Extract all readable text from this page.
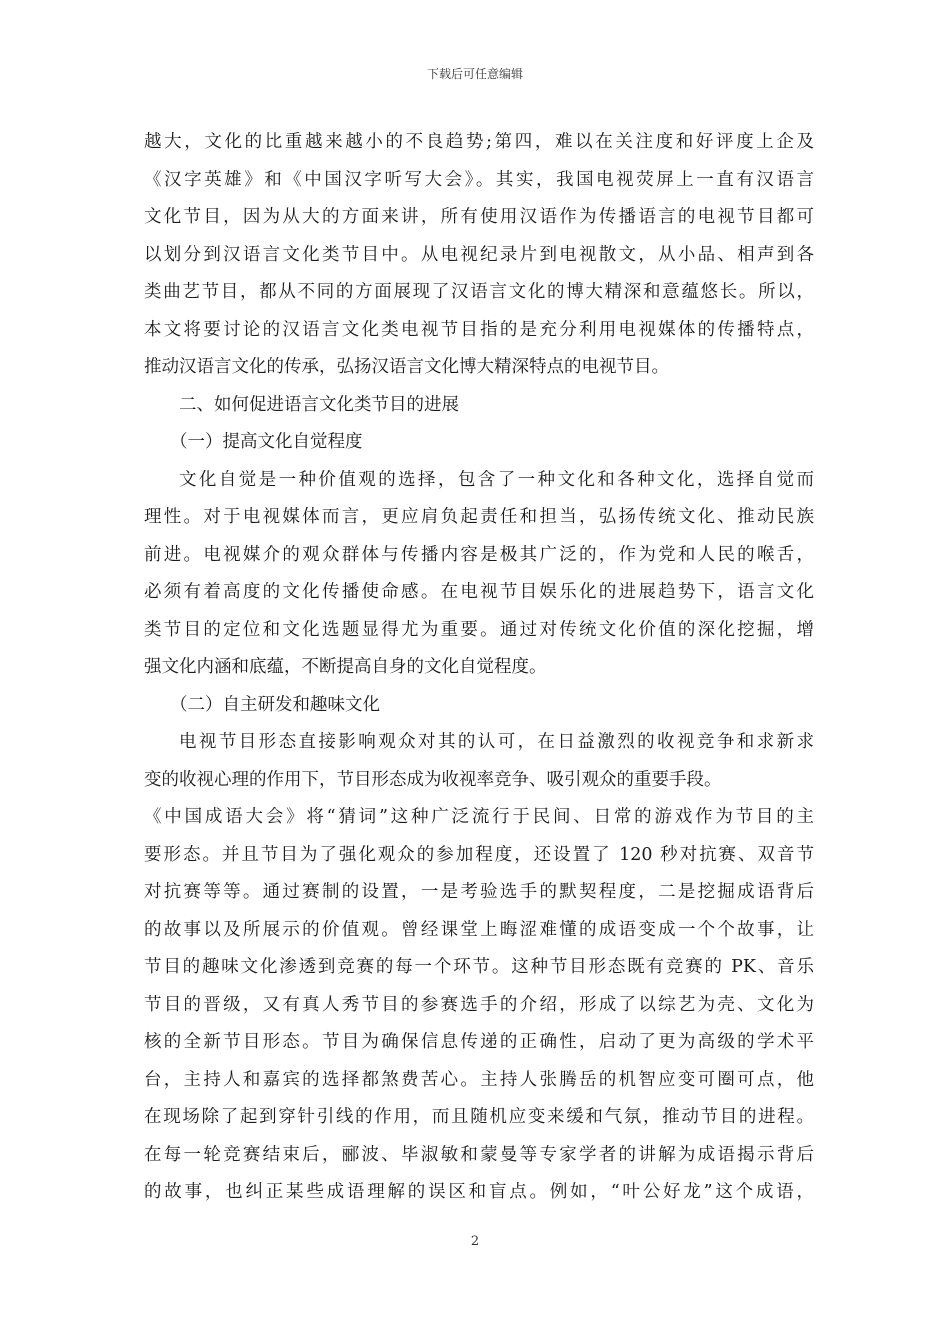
下载后可任意编辑
越大，文化的比重越来越小的不良趋势;第四，难以在关注度和好评度上企及
《汉字英雄》和《中国汉字听写大会》。其实，我国电视荧屏上一直有汉语言
文化节目，因为从大的方面来讲，所有使用汉语作为传播语言的电视节目都可
以划分到汉语言文化类节目中。从电视纪录片到电视散文，从小品、相声到各
类曲艺节目，都从不同的方面展现了汉语言文化的博大精深和意蕴悠长。所以，
本文将要讨论的汉语言文化类电视节目指的是充分利用电视媒体的传播特点，
推动汉语言文化的传承，弘扬汉语言文化博大精深特点的电视节目。
二、如何促进语言文化类节目的进展
（一）提高文化自觉程度
文化自觉是一种价值观的选择，包含了一种文化和各种文化，选择自觉而
理性。对于电视媒体而言，更应肩负起责任和担当，弘扬传统文化、推动民族
前进。电视媒介的观众群体与传播内容是极其广泛的，作为党和人民的喉舌，
必须有着高度的文化传播使命感。在电视节目娱乐化的进展趋势下，语言文化
类节目的定位和文化选题显得尤为重要。通过对传统文化价值的深化挖掘，增
强文化内涵和底蕴，不断提高自身的文化自觉程度。
（二）自主研发和趣味文化
电视节目形态直接影响观众对其的认可，在日益激烈的收视竞争和求新求
变的收视心理的作用下，节目形态成为收视率竞争、吸引观众的重要手段。
《中国成语大会》将“猜词”这种广泛流行于民间、日常的游戏作为节目的主
要形态。并且节目为了强化观众的参加程度，还设置了 120 秒对抗赛、双音节
对抗赛等等。通过赛制的设置，一是考验选手的默契程度，二是挖掘成语背后
的故事以及所展示的价值观。曾经课堂上晦涩难懂的成语变成一个个故事，让
节目的趣味文化渗透到竞赛的每一个环节。这种节目形态既有竞赛的 PK、音乐
节目的晋级，又有真人秀节目的参赛选手的介绍，形成了以综艺为壳、文化为
核的全新节目形态。节目为确保信息传递的正确性，启动了更为高级的学术平
台，主持人和嘉宾的选择都煞费苦心。主持人张腾岳的机智应变可圈可点，他
在现场除了起到穿针引线的作用，而且随机应变来缓和气氛，推动节目的进程。
在每一轮竞赛结束后，郦波、毕淑敏和蒙曼等专家学者的讲解为成语揭示背后
的故事，也纠正某些成语理解的误区和盲点。例如，“叶公好龙”这个成语，
2
